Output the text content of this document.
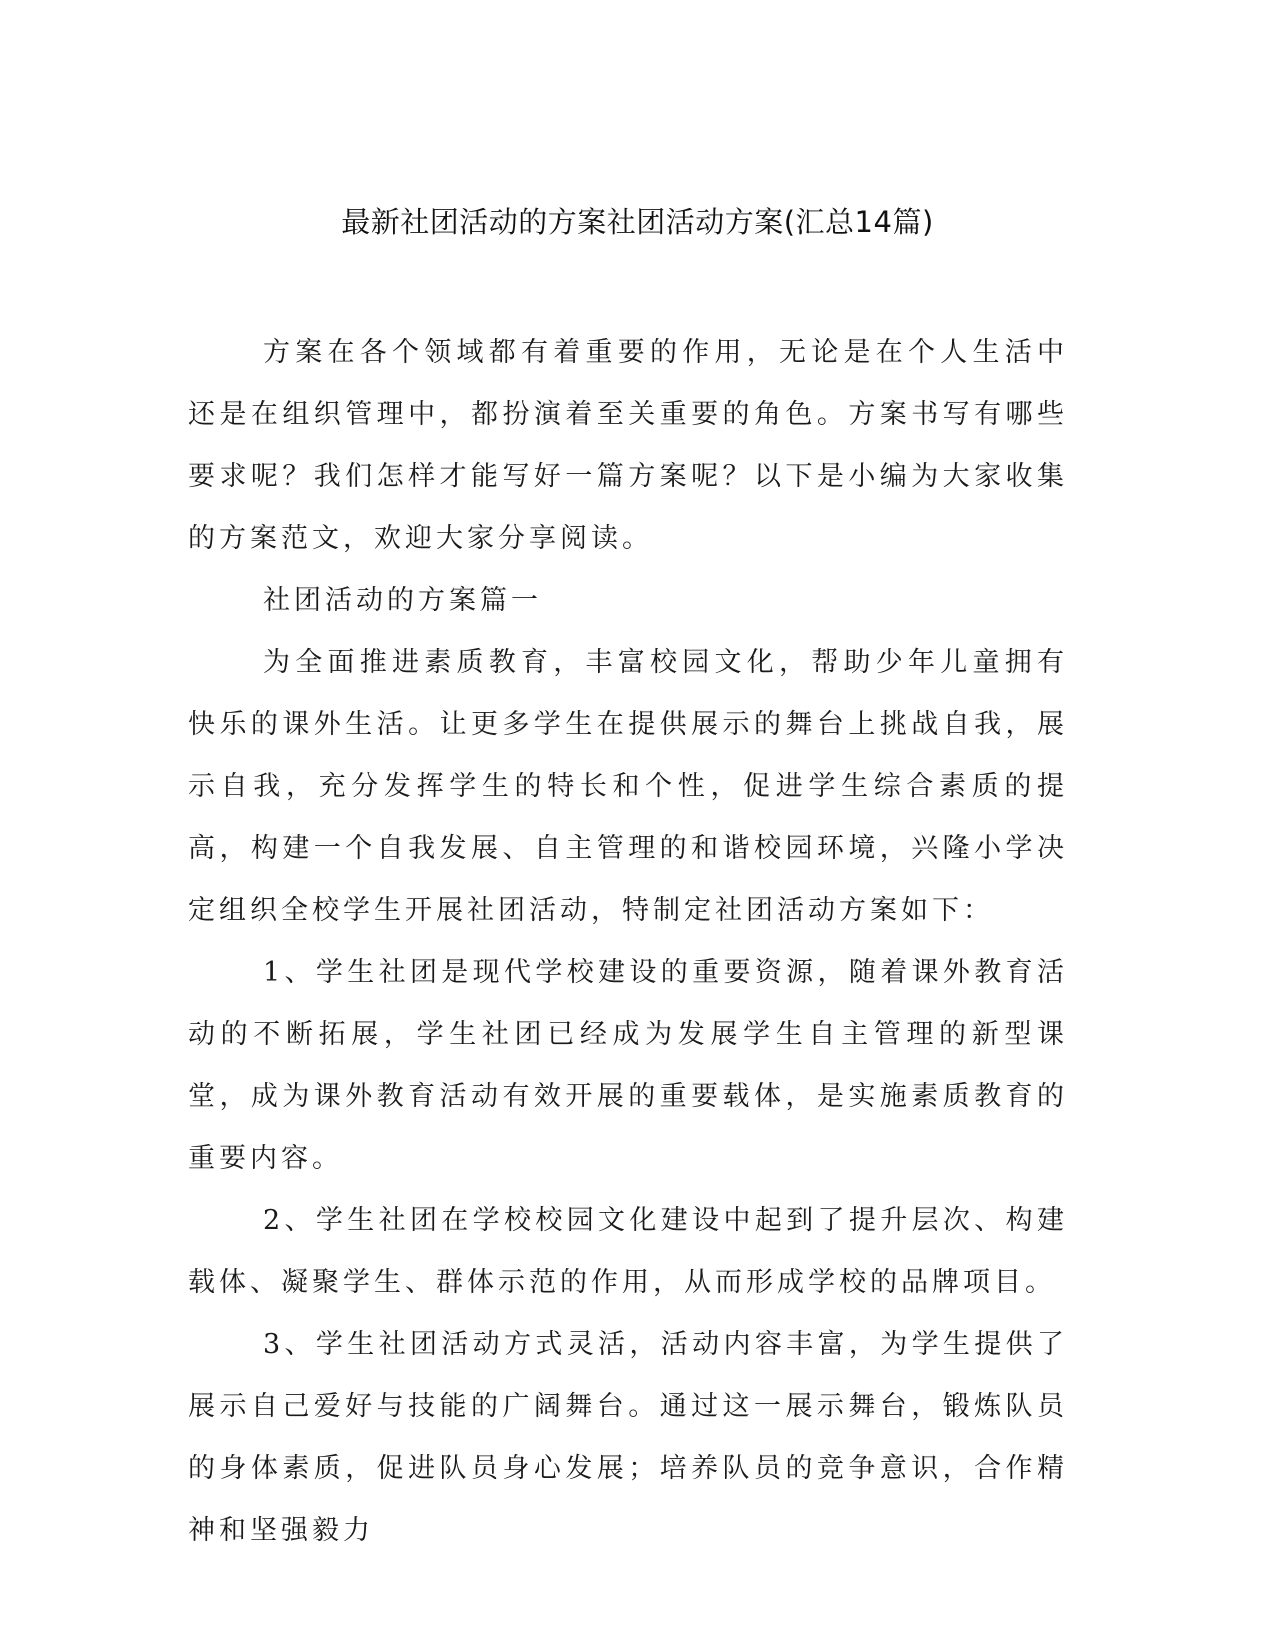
最新社团活动的方案社团活动方案(汇总14篇)

方案在各个领域都有着重要的作用，无论是在个人生活中还是在组织管理中，都扮演着至关重要的角色。方案书写有哪些要求呢？我们怎样才能写好一篇方案呢？以下是小编为大家收集的方案范文，欢迎大家分享阅读。

社团活动的方案篇一

为全面推进素质教育，丰富校园文化，帮助少年儿童拥有快乐的课外生活。让更多学生在提供展示的舞台上挑战自我，展示自我，充分发挥学生的特长和个性，促进学生综合素质的提高，构建一个自我发展、自主管理的和谐校园环境，兴隆小学决定组织全校学生开展社团活动，特制定社团活动方案如下：

1、学生社团是现代学校建设的重要资源，随着课外教育活动的不断拓展，学生社团已经成为发展学生自主管理的新型课堂，成为课外教育活动有效开展的重要载体，是实施素质教育的重要内容。

2、学生社团在学校校园文化建设中起到了提升层次、构建载体、凝聚学生、群体示范的作用，从而形成学校的品牌项目。

3、学生社团活动方式灵活，活动内容丰富，为学生提供了展示自己爱好与技能的广阔舞台。通过这一展示舞台，锻炼队员的身体素质，促进队员身心发展；培养队员的竞争意识，合作精神和坚强毅力
